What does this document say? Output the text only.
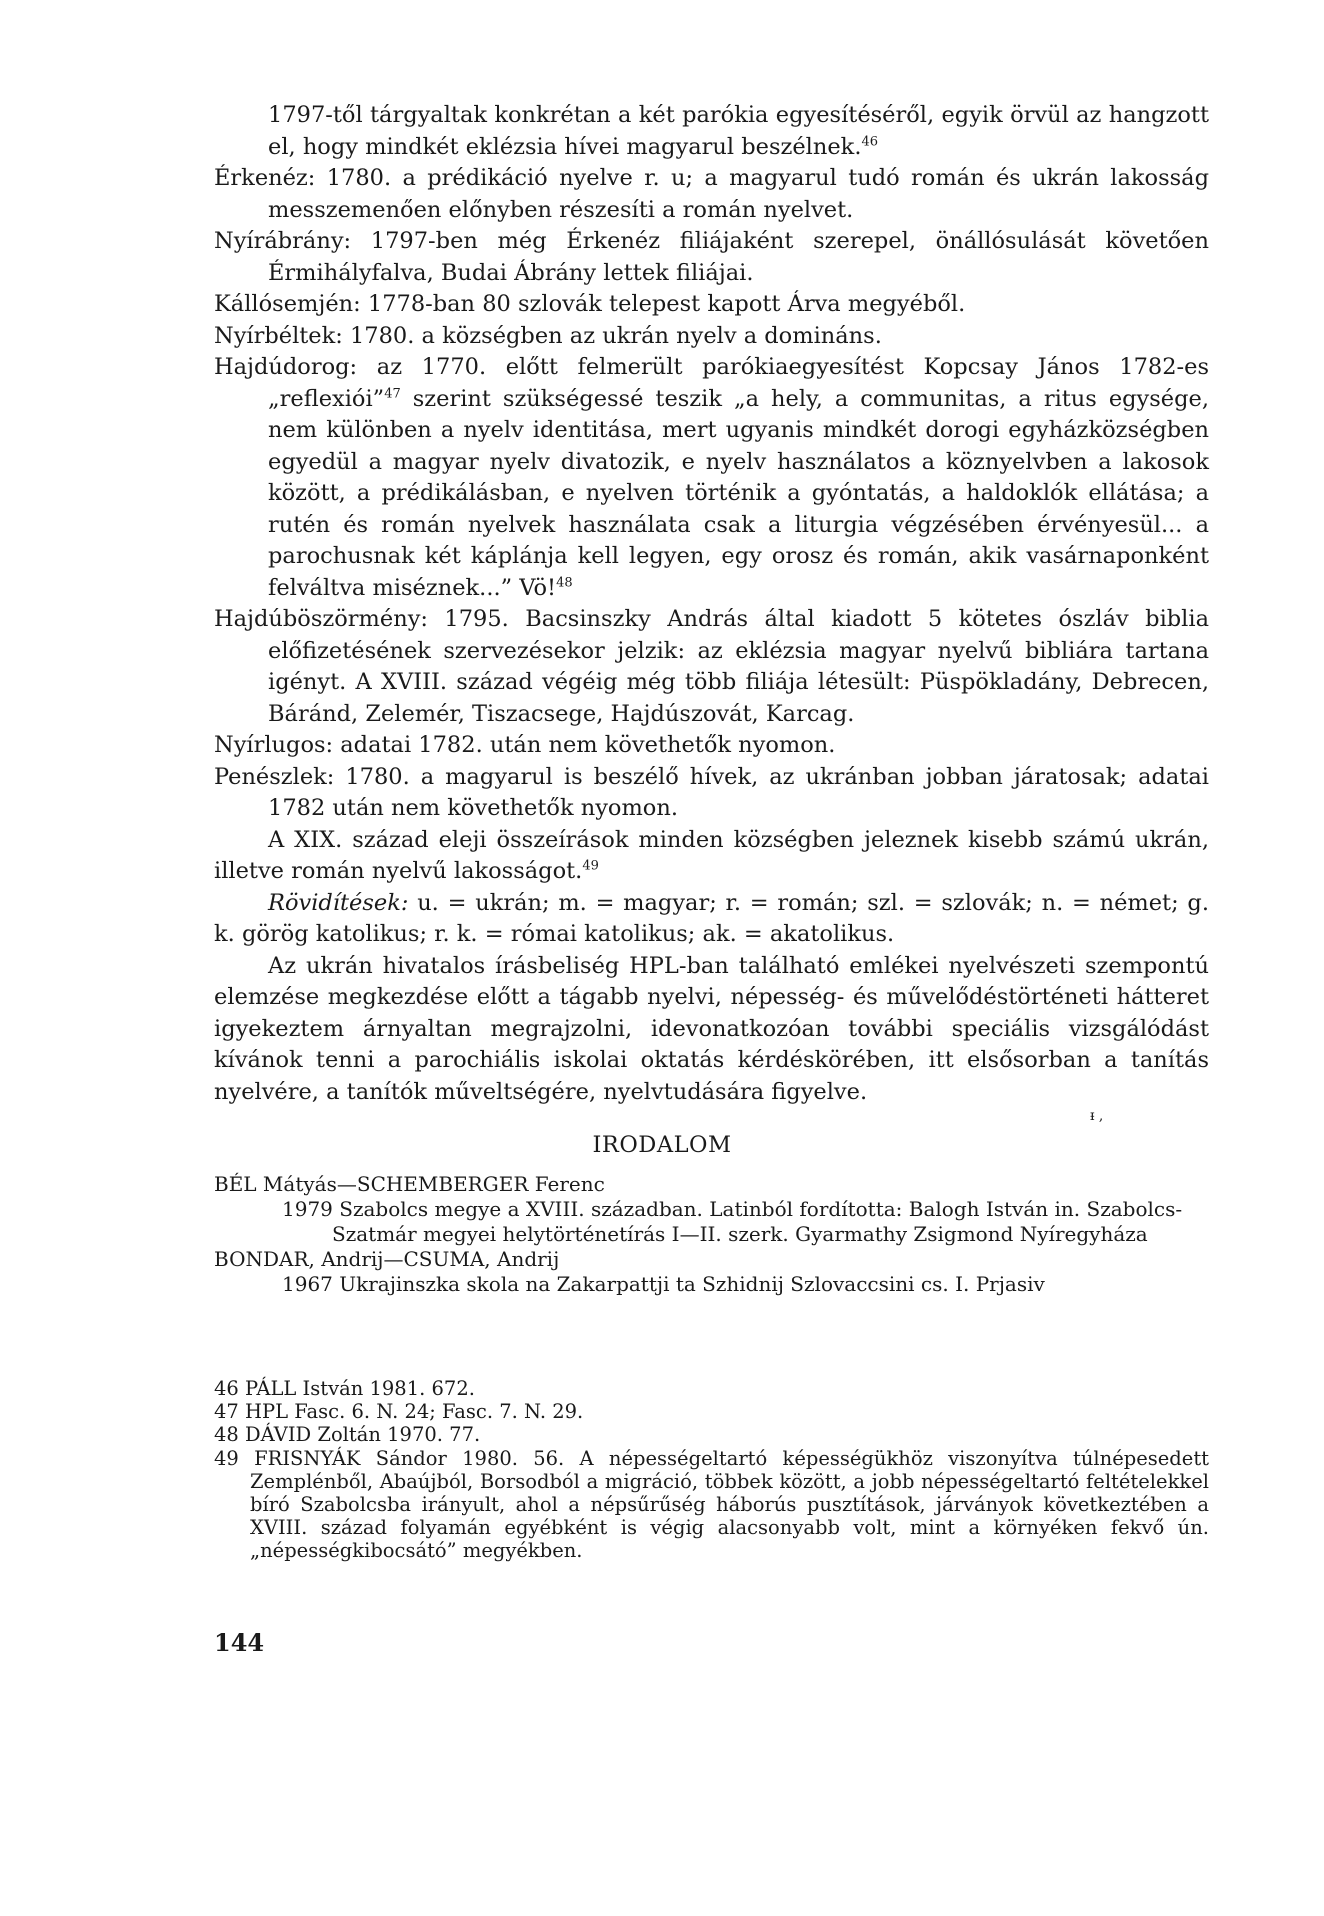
1797-től tárgyaltak konkrétan a két parókia egyesítéséről, egyik örvül az hangzott el, hogy mindkét eklézsia hívei magyarul beszélnek.$^{46}$

Érkenéz: 1780. a prédikáció nyelve r. u; a magyarul tudó román és ukrán lakosság messzemenően előnyben részesíti a román nyelvet.

Nyírábrány: 1797-ben még Érkenéz filiájaként szerepel, önállósulását követően Érmihályfalva, Budai Ábrány lettek filiájai.

Kállósemjén: 1778-ban 80 szlovák telepest kapott Árva megyéből.

Nyírbéltek: 1780. a községben az ukrán nyelv a domináns.

Hajdúdorog: az 1770. előtt felmerült parókiaegyesítést Kopcsay János 1782-es „reflexiói”$^{47}$ szerint szükségessé teszik „a hely, a communitas, a ritus egysége, nem különben a nyelv identitása, mert ugyanis mindkét dorogi egyházközségben egyedül a magyar nyelv divatozik, e nyelv használatos a köznyelvben a lakosok között, a prédikálásban, e nyelven történik a gyóntatás, a haldoklók ellátása; a rutén és román nyelvek használata csak a liturgia végzésében érvényesül... a parochusnak két káplánja kell legyen, egy orosz és román, akik vasárnaponként felváltva miséznek...” Vö!$^{48}$

Hajdúböszörmény: 1795. Bacsinszky András által kiadott 5 kötetes ószláv biblia előfizetésének szervezésekor jelzik: az eklézsia magyar nyelvű bibliára tartana igényt. A XVIII. század végéig még több filiája létesült: Püspökladány, Debrecen, Báránd, Zelemér, Tiszacsege, Hajdúszovát, Karcag.

Nyírlugos: adatai 1782. után nem követhetők nyomon.

Penészlek: 1780. a magyarul is beszélő hívek, az ukránban jobban járatosak; adatai 1782 után nem követhetők nyomon.

A XIX. század eleji összeírások minden községben jeleznek kisebb számú ukrán, illetve román nyelvű lakosságot.$^{49}$

Rövidítések: u. = ukrán; m. = magyar; r. = román; szl. = szlovák; n. = német; g. k. görög katolikus; r. k. = római katolikus; ak. = akatolikus.

Az ukrán hivatalos írásbeliség HPL-ban található emlékei nyelvészeti szempontú elemzése megkezdése előtt a tágabb nyelvi, népesség- és művelődéstörténeti hátteret igyekeztem árnyaltan megrajzolni, idevonatkozóan további speciális vizsgálódást kívánok tenni a parochiális iskolai oktatás kérdéskörében, itt elsősorban a tanítás nyelvére, a tanítók műveltségére, nyelvtudására figyelve.

ᵻ ,
IRODALOM

BÉL Mátyás—SCHEMBERGER Ferenc

1979 Szabolcs megye a XVIII. században. Latinból fordította: Balogh István in. Szabolcs-Szatmár megyei helytörténetírás I—II. szerk. Gyarmathy Zsigmond Nyíregyháza

BONDAR, Andrij—CSUMA, Andrij

1967 Ukrajinszka skola na Zakarpattji ta Szhidnij Szlovaccsini cs. I. Prjasiv

46 PÁLL István 1981. 672.

47 HPL Fasc. 6. N. 24; Fasc. 7. N. 29.

48 DÁVID Zoltán 1970. 77.

49 FRISNYÁK Sándor 1980. 56. A népességeltartó képességükhöz viszonyítva túlnépesedett Zemplénből, Abaújból, Borsodból a migráció, többek között, a jobb népességeltartó feltételekkel bíró Szabolcsba irányult, ahol a népsűrűség háborús pusztítások, járványok következtében a XVIII. század folyamán egyébként is végig alacsonyabb volt, mint a környéken fekvő ún. „népességkibocsátó” megyékben.

144
